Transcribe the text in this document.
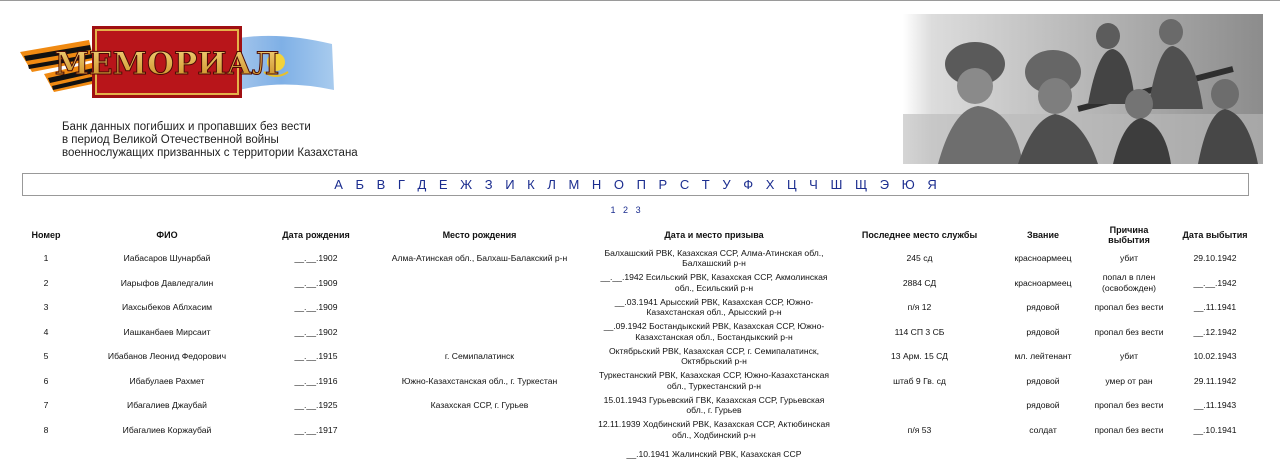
МЕМОРИАЛ
Банк данных погибших и пропавших без вести
в период Великой Отечественной войны
военнослужащих призванных с территории Казахстана
А Б В Г Д Е Ж З И К Л М Н О П Р С Т У Ф Х Ц Ч Ш Щ Э Ю Я
1 2 3
Номер	ФИО	Дата рождения	Место рождения	Дата и место призыва	Последнее место службы	Звание	Причина выбытия	Дата выбытия
1	Иабасаров Шунарбай	__.__.1902	Алма-Атинская обл., Балхаш-Балакский р-н	Балхашский РВК, Казахская ССР, Алма-Атинская обл., Балхашский р-н	245 сд	красноармеец	убит	29.10.1942
2	Иарыфов Давледгалин	__.__.1909		__.__.1942 Есильский РВК, Казахская ССР, Акмолинская обл., Есильский р-н	2884 СД	красноармеец	попал в плен (освобожден)	__.__.1942
3	Иахсыбеков Аблхасим	__.__.1909		__.03.1941 Арысский РВК, Казахская ССР, Южно-Казахстанская обл., Арысский р-н	п/я 12	рядовой	пропал без вести	__.11.1941
4	Иашканбаев Мирсаит	__.__.1902		__.09.1942 Бостандыкский РВК, Казахская ССР, Южно-Казахстанская обл., Бостандыкский р-н	114 СП 3 СБ	рядовой	пропал без вести	__.12.1942
5	Ибабанов Леонид Федорович	__.__.1915	г. Семипалатинск	Октябрьский РВК, Казахская ССР, г. Семипалатинск, Октябрьский р-н	13 Арм. 15 СД	мл. лейтенант	убит	10.02.1943
6	Ибабулаев Рахмет	__.__.1916	Южно-Казахстанская обл., г. Туркестан	Туркестанский РВК, Казахская ССР, Южно-Казахстанская обл., Туркестанский р-н	штаб 9 Гв. сд	рядовой	умер от ран	29.11.1942
7	Ибагалиев Джаубай	__.__.1925	Казахская ССР, г. Гурьев	15.01.1943 Гурьевский ГВК, Казахская ССР, Гурьевская обл., г. Гурьев		рядовой	пропал без вести	__.11.1943
8	Ибагалиев Коржаубай	__.__.1917		12.11.1939 Ходбинский РВК, Казахская ССР, Актюбинская обл., Ходбинский р-н	п/я 53	солдат	пропал без вести	__.10.1941
				__.10.1941 Жалинский РВК, Казахская ССР				
